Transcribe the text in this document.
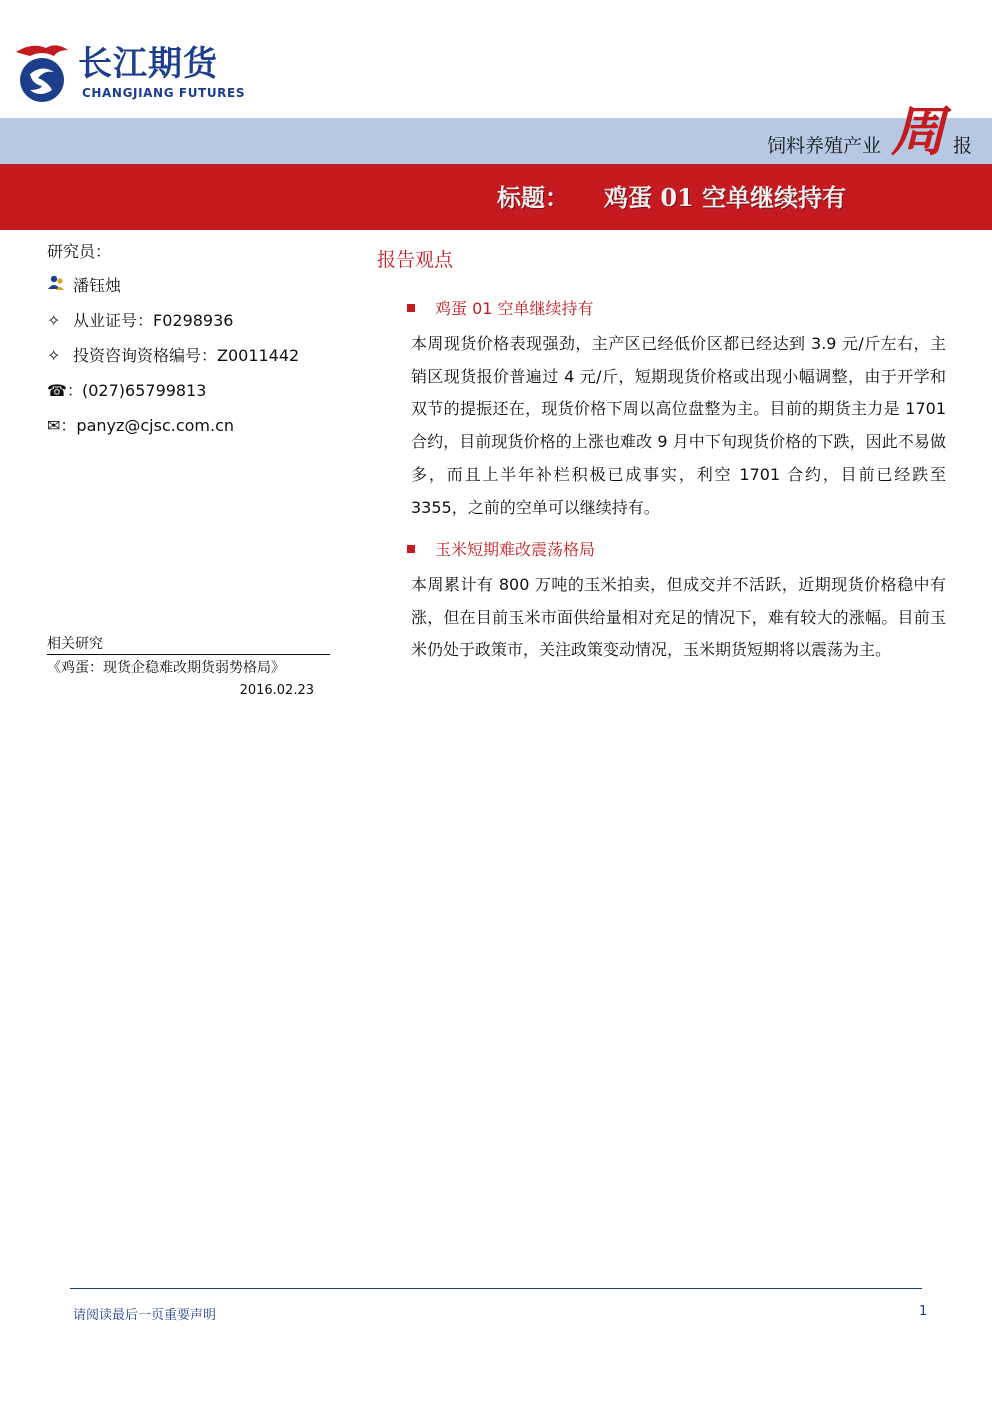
长江期货
CHANGJIANG FUTURES
饲料养殖产业 周 报
标题： 鸡蛋 01 空单继续持有
研究员：
潘钰烛
✧ 从业证号：F0298936
✧ 投资咨询资格编号：Z0011442
☎：(027)65799813
✉：panyz@cjsc.com.cn
相关研究
《鸡蛋：现货企稳难改期货弱势格局》
2016.02.23
报告观点
鸡蛋 01 空单继续持有

本周现货价格表现强劲，主产区已经低价区都已经达到 3.9 元/斤左右，主销区现货报价普遍过 4 元/斤，短期现货价格或出现小幅调整，由于开学和双节的提振还在，现货价格下周以高位盘整为主。目前的期货主力是 1701 合约，目前现货价格的上涨也难改 9 月中下旬现货价格的下跌，因此不易做多，而且上半年补栏积极已成事实，利空 1701 合约，目前已经跌至 3355，之前的空单可以继续持有。

玉米短期难改震荡格局

本周累计有 800 万吨的玉米拍卖，但成交并不活跃，近期现货价格稳中有涨，但在目前玉米市面供给量相对充足的情况下，难有较大的涨幅。目前玉米仍处于政策市，关注政策变动情况，玉米期货短期将以震荡为主。

请阅读最后一页重要声明	1
